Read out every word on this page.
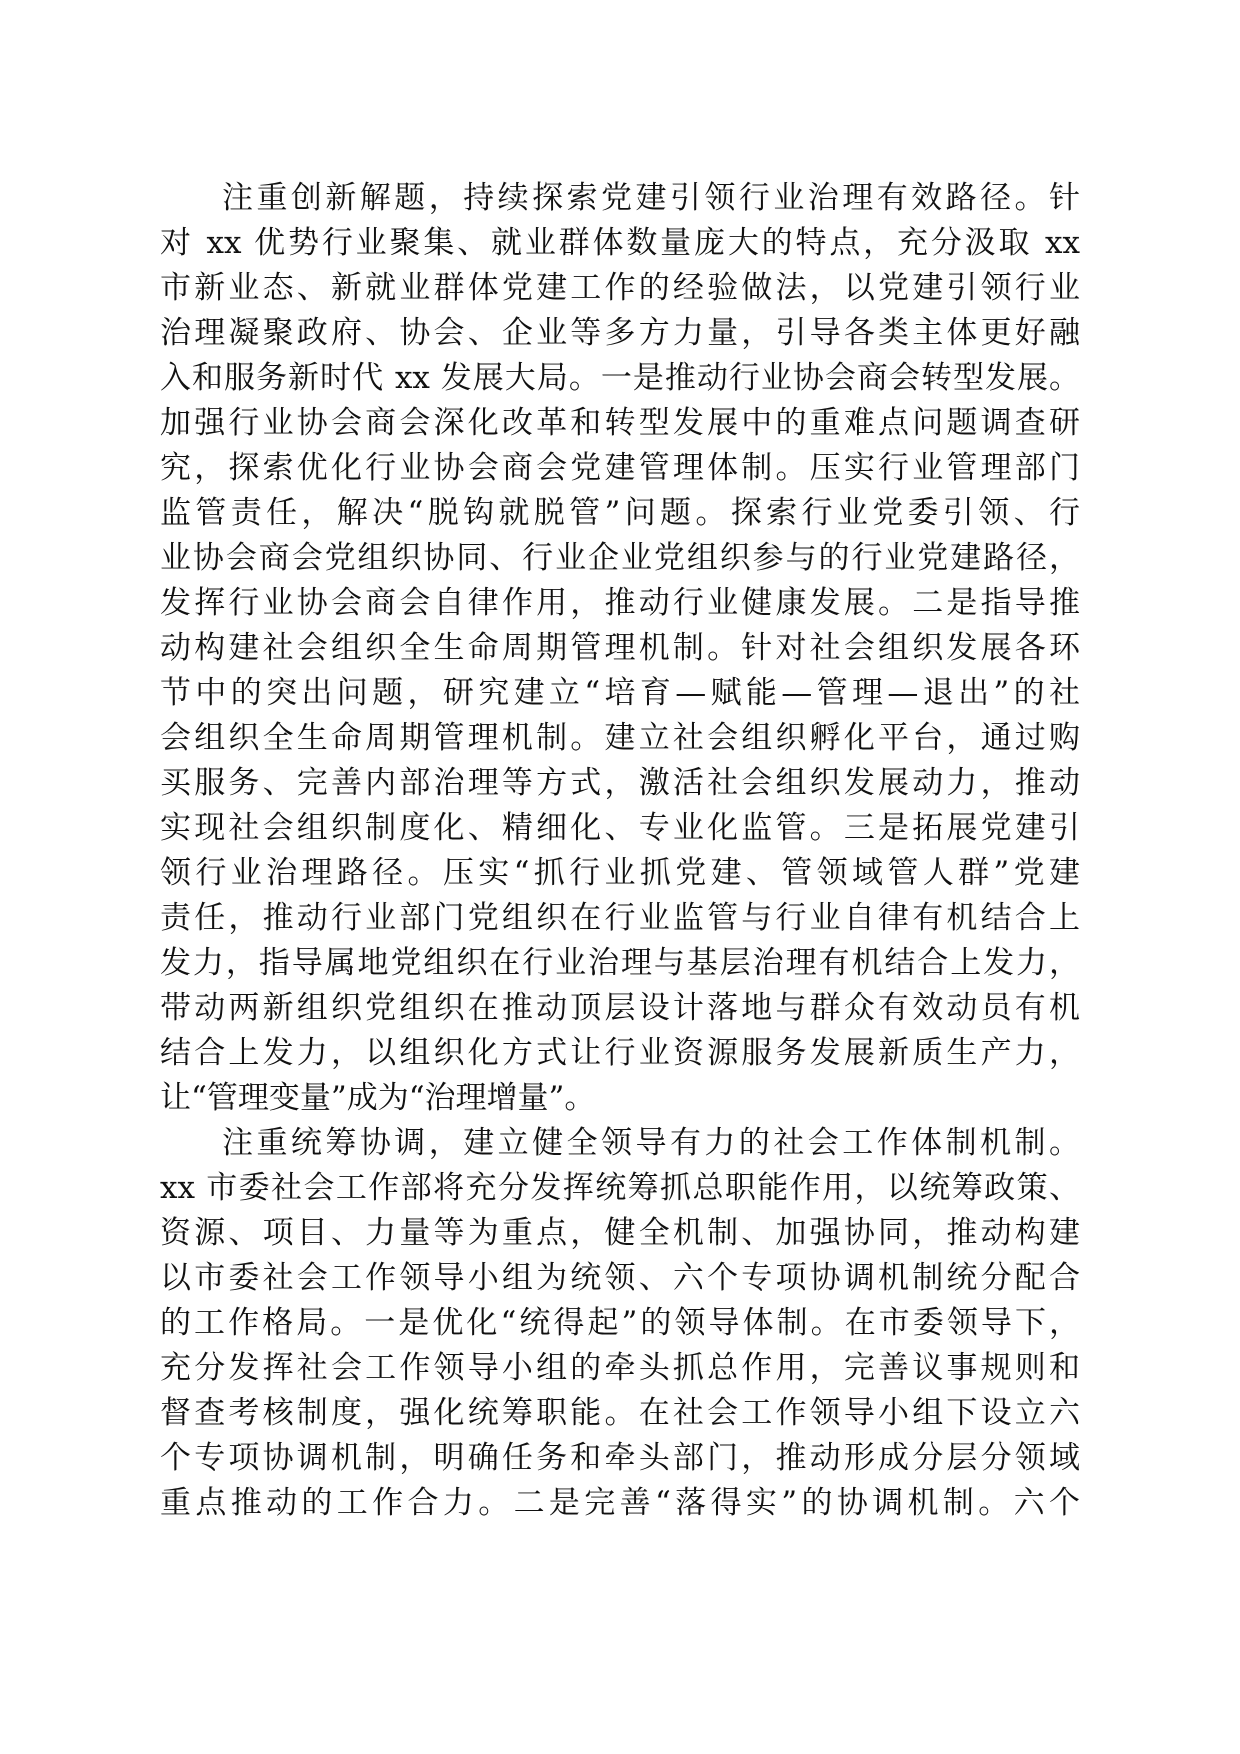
注重创新解题，持续探索党建引领行业治理有效路径。针
对 xx 优势行业聚集、就业群体数量庞大的特点，充分汲取 xx
市新业态、新就业群体党建工作的经验做法，以党建引领行业
治理凝聚政府、协会、企业等多方力量，引导各类主体更好融
入和服务新时代 xx 发展大局。一是推动行业协会商会转型发展。
加强行业协会商会深化改革和转型发展中的重难点问题调查研
究，探索优化行业协会商会党建管理体制。压实行业管理部门
监管责任，解决“脱钩就脱管”问题。探索行业党委引领、行
业协会商会党组织协同、行业企业党组织参与的行业党建路径，
发挥行业协会商会自律作用，推动行业健康发展。二是指导推
动构建社会组织全生命周期管理机制。针对社会组织发展各环
节中的突出问题，研究建立“培育—赋能—管理—退出”的社
会组织全生命周期管理机制。建立社会组织孵化平台，通过购
买服务、完善内部治理等方式，激活社会组织发展动力，推动
实现社会组织制度化、精细化、专业化监管。三是拓展党建引
领行业治理路径。压实“抓行业抓党建、管领域管人群”党建
责任，推动行业部门党组织在行业监管与行业自律有机结合上
发力，指导属地党组织在行业治理与基层治理有机结合上发力，
带动两新组织党组织在推动顶层设计落地与群众有效动员有机
结合上发力，以组织化方式让行业资源服务发展新质生产力，
让“管理变量”成为“治理增量”。
注重统筹协调，建立健全领导有力的社会工作体制机制。
xx 市委社会工作部将充分发挥统筹抓总职能作用，以统筹政策、
资源、项目、力量等为重点，健全机制、加强协同，推动构建
以市委社会工作领导小组为统领、六个专项协调机制统分配合
的工作格局。一是优化“统得起”的领导体制。在市委领导下，
充分发挥社会工作领导小组的牵头抓总作用，完善议事规则和
督查考核制度，强化统筹职能。在社会工作领导小组下设立六
个专项协调机制，明确任务和牵头部门，推动形成分层分领域
重点推动的工作合力。二是完善“落得实”的协调机制。六个
